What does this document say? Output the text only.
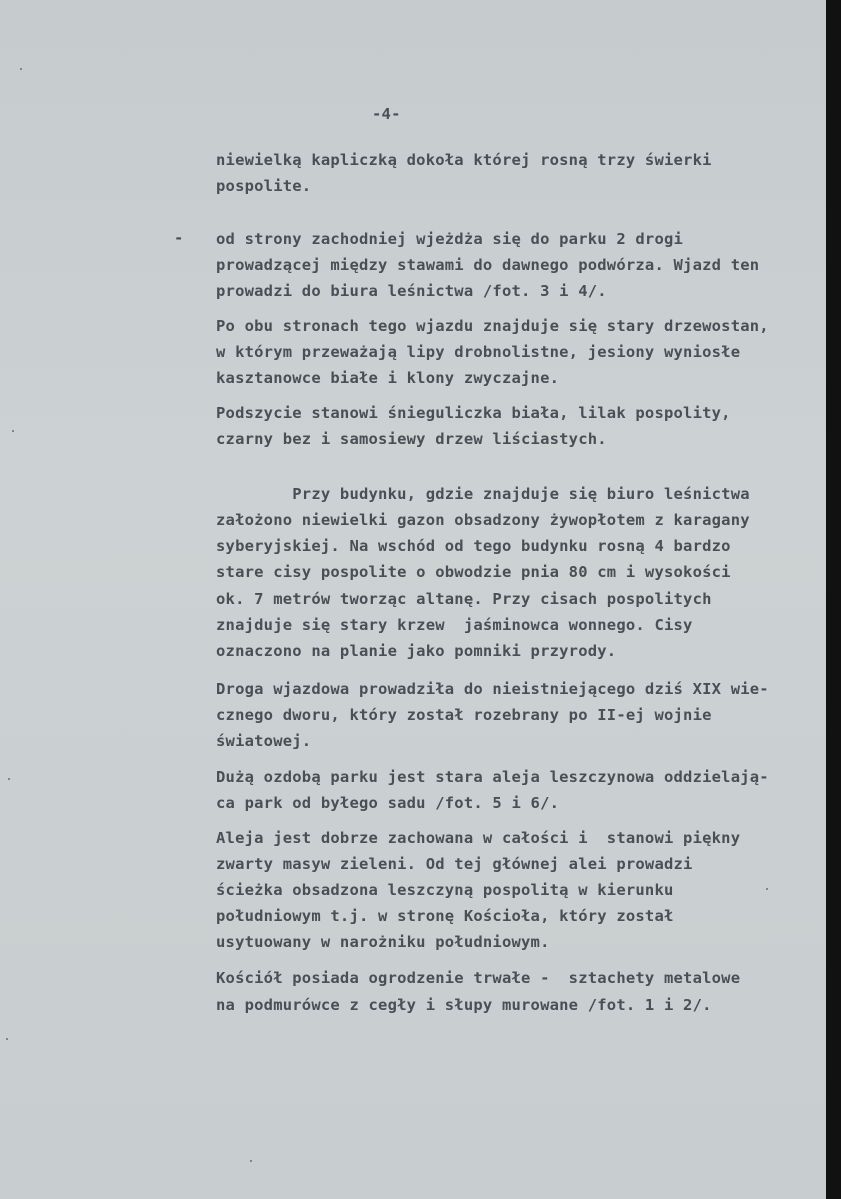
-4-
-

niewielką kapliczką dokoła której rosną trzy świerki

pospolite.

od strony zachodniej wjeżdża się do parku 2 drogi

prowadzącej między stawami do dawnego podwórza. Wjazd ten

prowadzi do biura leśnictwa /fot. 3 i 4/.

Po obu stronach tego wjazdu znajduje się stary drzewostan,

w którym przeważają lipy drobnolistne, jesiony wyniosłe

kasztanowce białe i klony zwyczajne.

Podszycie stanowi śnieguliczka biała, lilak pospolity,

czarny bez i samosiewy drzew liściastych.

Przy budynku, gdzie znajduje się biuro leśnictwa

założono niewielki gazon obsadzony żywopłotem z karagany

syberyjskiej. Na wschód od tego budynku rosną 4 bardzo

stare cisy pospolite o obwodzie pnia 80 cm i wysokości

ok. 7 metrów tworząc altanę. Przy cisach pospolitych

znajduje się stary krzew  jaśminowca wonnego. Cisy

oznaczono na planie jako pomniki przyrody.

Droga wjazdowa prowadziła do nieistniejącego dziś XIX wie-

cznego dworu, który został rozebrany po II-ej wojnie

światowej.

Dużą ozdobą parku jest stara aleja leszczynowa oddzielają-

ca park od byłego sadu /fot. 5 i 6/.

Aleja jest dobrze zachowana w całości i  stanowi piękny

zwarty masyw zieleni. Od tej głównej alei prowadzi

ścieżka obsadzona leszczyną pospolitą w kierunku

południowym t.j. w stronę Kościoła, który został

usytuowany w narożniku południowym.

Kościół posiada ogrodzenie trwałe -  sztachety metalowe

na podmurówce z cegły i słupy murowane /fot. 1 i 2/.
